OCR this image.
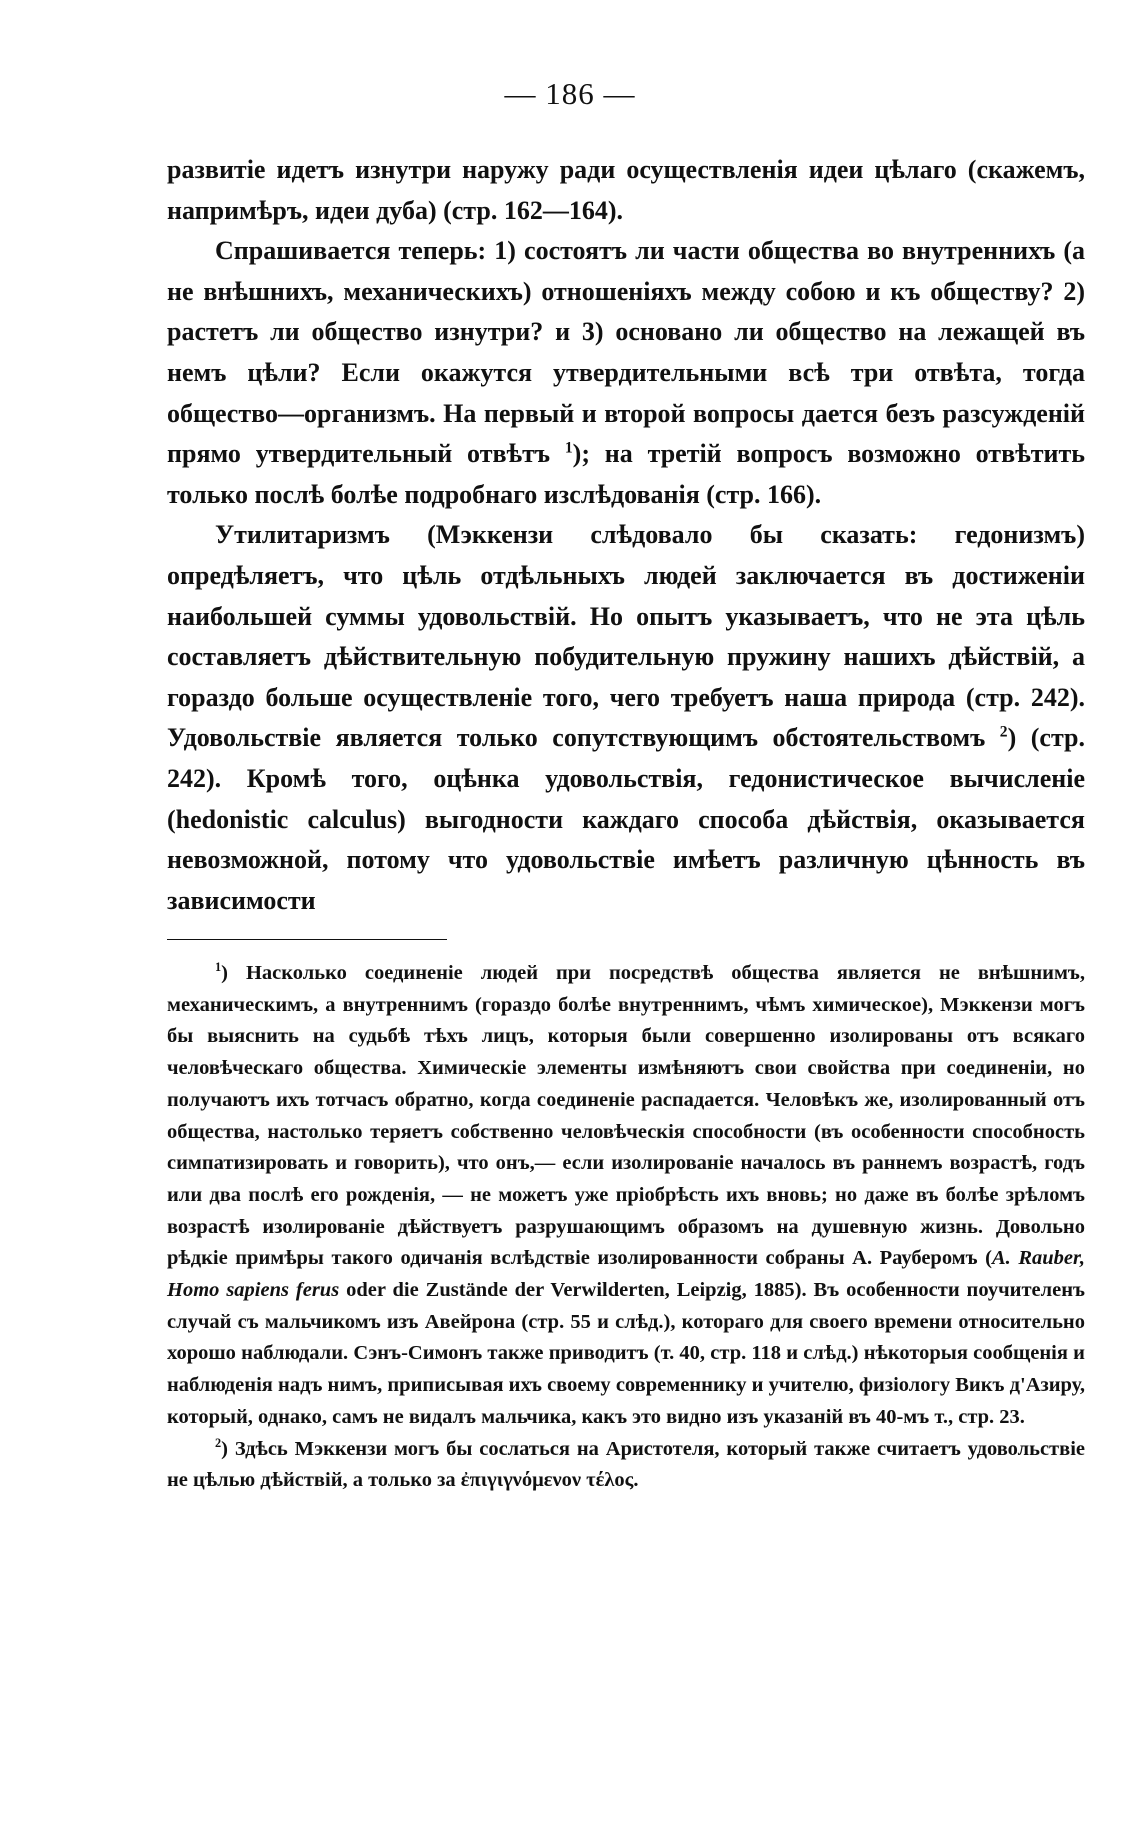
— 186 —

развитіе идетъ изнутри наружу ради осуществленія идеи цѣлаго (скажемъ, напримѣръ, идеи дуба) (стр. 162—164).

Спрашивается теперь: 1) состоятъ ли части общества во внутреннихъ (а не внѣшнихъ, механическихъ) отношеніяхъ между собою и къ обществу? 2) растетъ ли общество изнутри? и 3) основано ли общество на лежащей въ немъ цѣли? Если окажутся утвердительными всѣ три отвѣта, тогда общество—организмъ. На первый и второй вопросы дается безъ разсужденій прямо утвердительный отвѣтъ $^1$); на третій вопросъ возможно отвѣтить только послѣ болѣе подробнаго изслѣдованія (стр. 166).

Утилитаризмъ (Мэккензи слѣдовало бы сказать: гедонизмъ) опредѣляетъ, что цѣль отдѣльныхъ людей заключается въ достиженіи наибольшей суммы удовольствій. Но опытъ указываетъ, что не эта цѣль составляетъ дѣйствительную побудительную пружину нашихъ дѣйствій, а гораздо больше осуществленіе того, чего требуетъ наша природа (стр. 242). Удовольствіе является только сопутствующимъ обстоятельствомъ $^2$) (стр. 242). Кромѣ того, оцѣнка удовольствія, гедонистическое вычисленіе (hedonistic calculus) выгодности каждаго способа дѣйствія, оказывается невозможной, потому что удовольствіе имѣетъ различную цѣнность въ зависимости

$^1$) Насколько соединеніе людей при посредствѣ общества является не внѣшнимъ, механическимъ, а внутреннимъ (гораздо болѣе внутреннимъ, чѣмъ химическое), Мэккензи могъ бы выяснить на судьбѣ тѣхъ лицъ, которыя были совершенно изолированы отъ всякаго человѣческаго общества. Химическіе элементы измѣняютъ свои свойства при соединеніи, но получаютъ ихъ тотчасъ обратно, когда соединеніе распадается. Человѣкъ же, изолированный отъ общества, настолько теряетъ собственно человѣческія способности (въ особенности способность симпатизировать и говорить), что онъ,— если изолированіе началось въ раннемъ возрастѣ, годъ или два послѣ его рожденія, — не можетъ уже пріобрѣсть ихъ вновь; но даже въ болѣе зрѣломъ возрастѣ изолированіе дѣйствуетъ разрушающимъ образомъ на душевную жизнь. Довольно рѣдкіе примѣры такого одичанія вслѣдствіе изолированности собраны А. Рауберомъ (A. Rauber, Homo sapiens ferus oder die Zustände der Verwilderten, Leipzig, 1885). Въ особенности поучителенъ случай съ мальчикомъ изъ Авейрона (стр. 55 и слѣд.), котораго для своего времени относительно хорошо наблюдали. Сэнъ-Симонъ также приводитъ (т. 40, стр. 118 и слѣд.) нѣкоторыя сообщенія и наблюденія надъ нимъ, приписывая ихъ своему современнику и учителю, физіологу Викъ д'Азиру, который, однако, самъ не видалъ мальчика, какъ это видно изъ указаній въ 40-мъ т., стр. 23.

$^2$) Здѣсь Мэккензи могъ бы сослаться на Аристотеля, который также считаетъ удовольствіе не цѣлью дѣйствій, а только за ἐπιγιγνόμενον τέλος.
